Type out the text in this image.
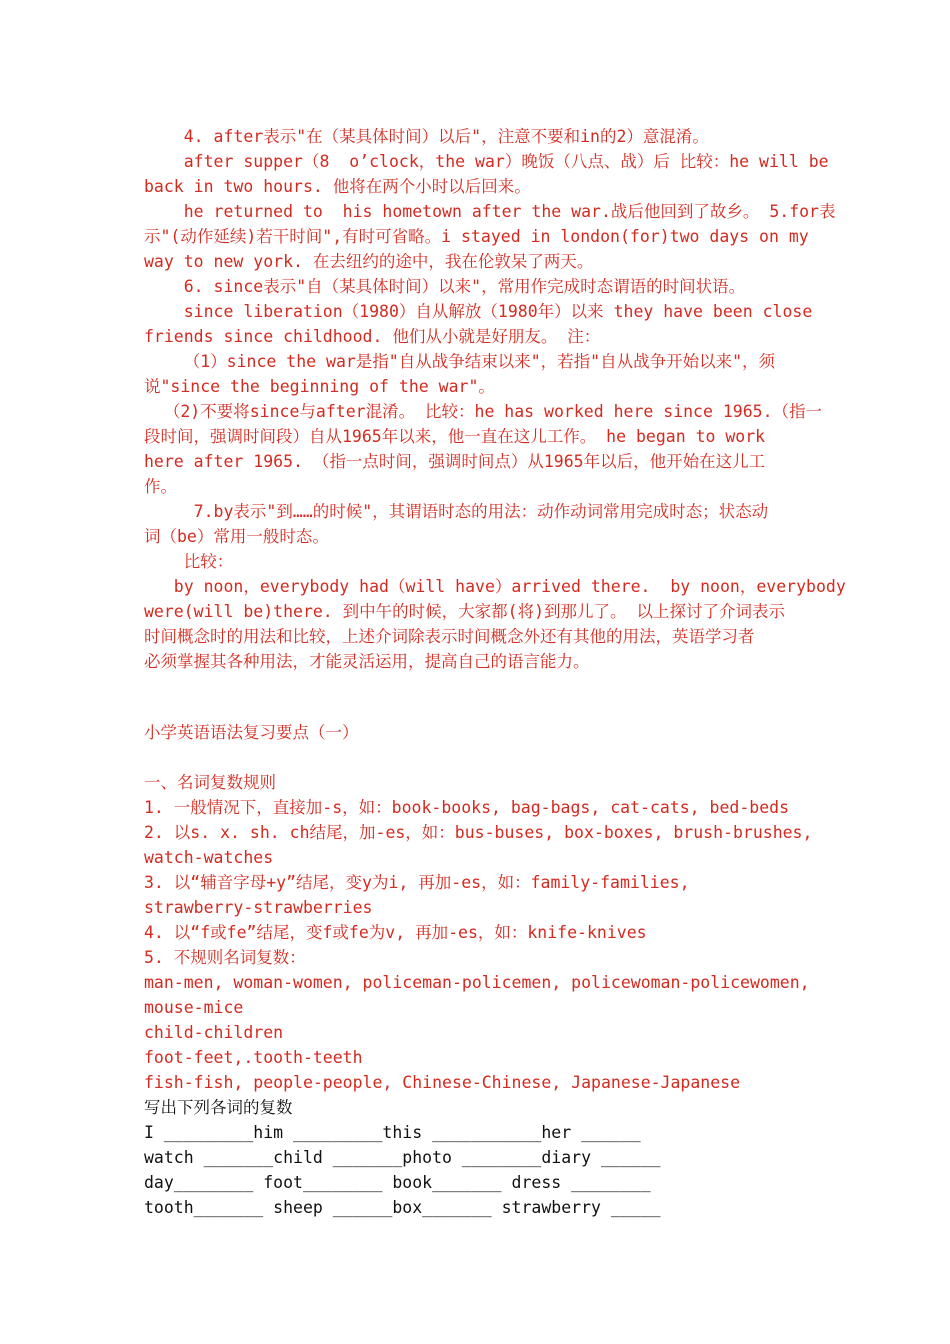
4. after表示"在（某具体时间）以后"，注意不要和in的2）意混淆。
after supper（8  o’clock，the war）晚饭（八点、战）后 比较：he will be
back in two hours. 他将在两个小时以后回来。
he returned to  his hometown after the war.战后他回到了故乡。 5.for表
示"(动作延续)若干时间",有时可省略。i stayed in london(for)two days on my
way to new york. 在去纽约的途中，我在伦敦呆了两天。
6. since表示"自（某具体时间）以来"，常用作完成时态谓语的时间状语。
since liberation（1980）自从解放（1980年）以来 they have been close
friends since childhood. 他们从小就是好朋友。 注：
（1）since the war是指"自从战争结束以来"，若指"自从战争开始以来"，须
说"since the beginning of the war"。
（2)不要将since与after混淆。 比较：he has worked here since 1965.（指一
段时间，强调时间段）自从1965年以来，他一直在这儿工作。 he began to work
here after 1965. （指一点时间，强调时间点）从1965年以后，他开始在这儿工
作。
7.by表示"到……的时候"，其谓语时态的用法：动作动词常用完成时态；状态动
词（be）常用一般时态。
比较：
by noon，everybody had（will have）arrived there.  by noon，everybody
were(will be)there. 到中午的时候，大家都(将)到那儿了。 以上探讨了介词表示
时间概念时的用法和比较，上述介词除表示时间概念外还有其他的用法，英语学习者
必须掌握其各种用法，才能灵活运用，提高自己的语言能力。
小学英语语法复习要点（一）
一、名词复数规则
1. 一般情况下，直接加-s，如：book-books, bag-bags, cat-cats, bed-beds
2. 以s. x. sh. ch结尾，加-es，如：bus-buses, box-boxes, brush-brushes,
watch-watches
3. 以“辅音字母+y”结尾，变y为i, 再加-es，如：family-families,
strawberry-strawberries
4. 以“f或fe”结尾，变f或fe为v, 再加-es，如：knife-knives
5. 不规则名词复数：
man-men, woman-women, policeman-policemen, policewoman-policewomen,
mouse-mice
child-children
foot-feet,.tooth-teeth
fish-fish, people-people, Chinese-Chinese, Japanese-Japanese
写出下列各词的复数
I _________him _________this ___________her ______
watch _______child _______photo ________diary ______
day________ foot________ book_______ dress ________
tooth_______ sheep ______box_______ strawberry _____
